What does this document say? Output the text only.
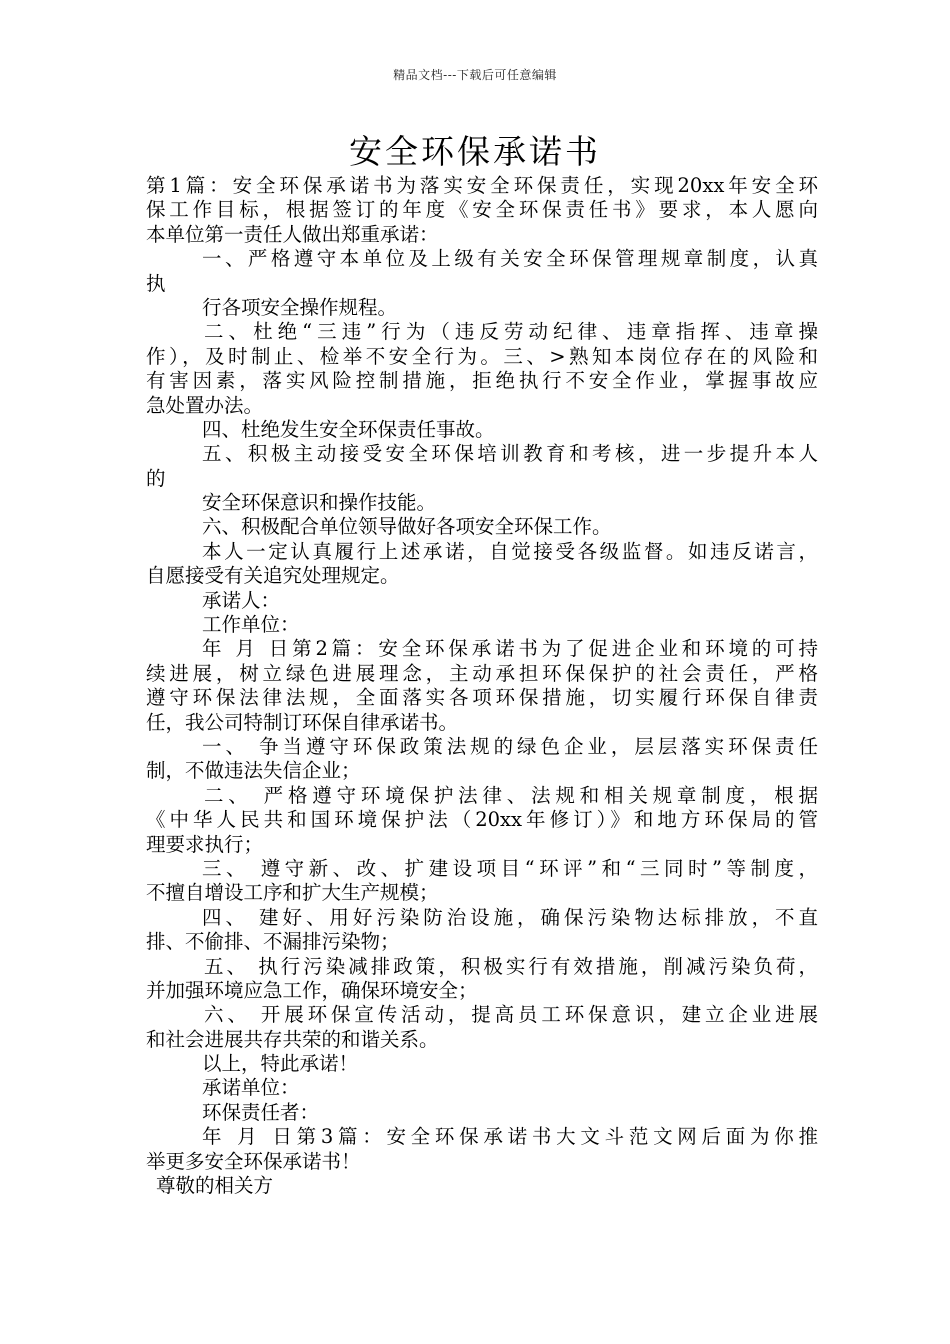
精品文档---下载后可任意编辑
安全环保承诺书
第1篇：安全环保承诺书为落实安全环保责任，实现20xx年安全环
保工作目标，根据签订的年度《安全环保责任书》要求，本人愿向
本单位第一责任人做出郑重承诺：
一、严格遵守本单位及上级有关安全环保管理规章制度，认真
执
行各项安全操作规程。
二、杜绝“三违”行为（违反劳动纪律、违章指挥、违章操
作），及时制止、检举不安全行为。三、>熟知本岗位存在的风险和
有害因素，落实风险控制措施，拒绝执行不安全作业，掌握事故应
急处置办法。
四、杜绝发生安全环保责任事故。
五、积极主动接受安全环保培训教育和考核，进一步提升本人
的
安全环保意识和操作技能。
六、积极配合单位领导做好各项安全环保工作。
本人一定认真履行上述承诺，自觉接受各级监督。如违反诺言，
自愿接受有关追究处理规定。
承诺人：
工作单位：
年 月 日第2篇：安全环保承诺书为了促进企业和环境的可持
续进展，树立绿色进展理念，主动承担环保保护的社会责任，严格
遵守环保法律法规，全面落实各项环保措施，切实履行环保自律责
任，我公司特制订环保自律承诺书。
一、 争当遵守环保政策法规的绿色企业，层层落实环保责任
制，不做违法失信企业；
二、 严格遵守环境保护法律、法规和相关规章制度，根据
《中华人民共和国环境保护法（20xx年修订）》和地方环保局的管
理要求执行；
三、 遵守新、改、扩建设项目“环评”和“三同时”等制度，
不擅自增设工序和扩大生产规模；
四、 建好、用好污染防治设施，确保污染物达标排放，不直
排、不偷排、不漏排污染物；
五、 执行污染减排政策，积极实行有效措施，削减污染负荷，
并加强环境应急工作，确保环境安全；
六、 开展环保宣传活动，提高员工环保意识，建立企业进展
和社会进展共存共荣的和谐关系。
以上，特此承诺！
承诺单位：
环保责任者：
年 月 日第3篇：安全环保承诺书大文斗范文网后面为你推
举更多安全环保承诺书！
尊敬的相关方
